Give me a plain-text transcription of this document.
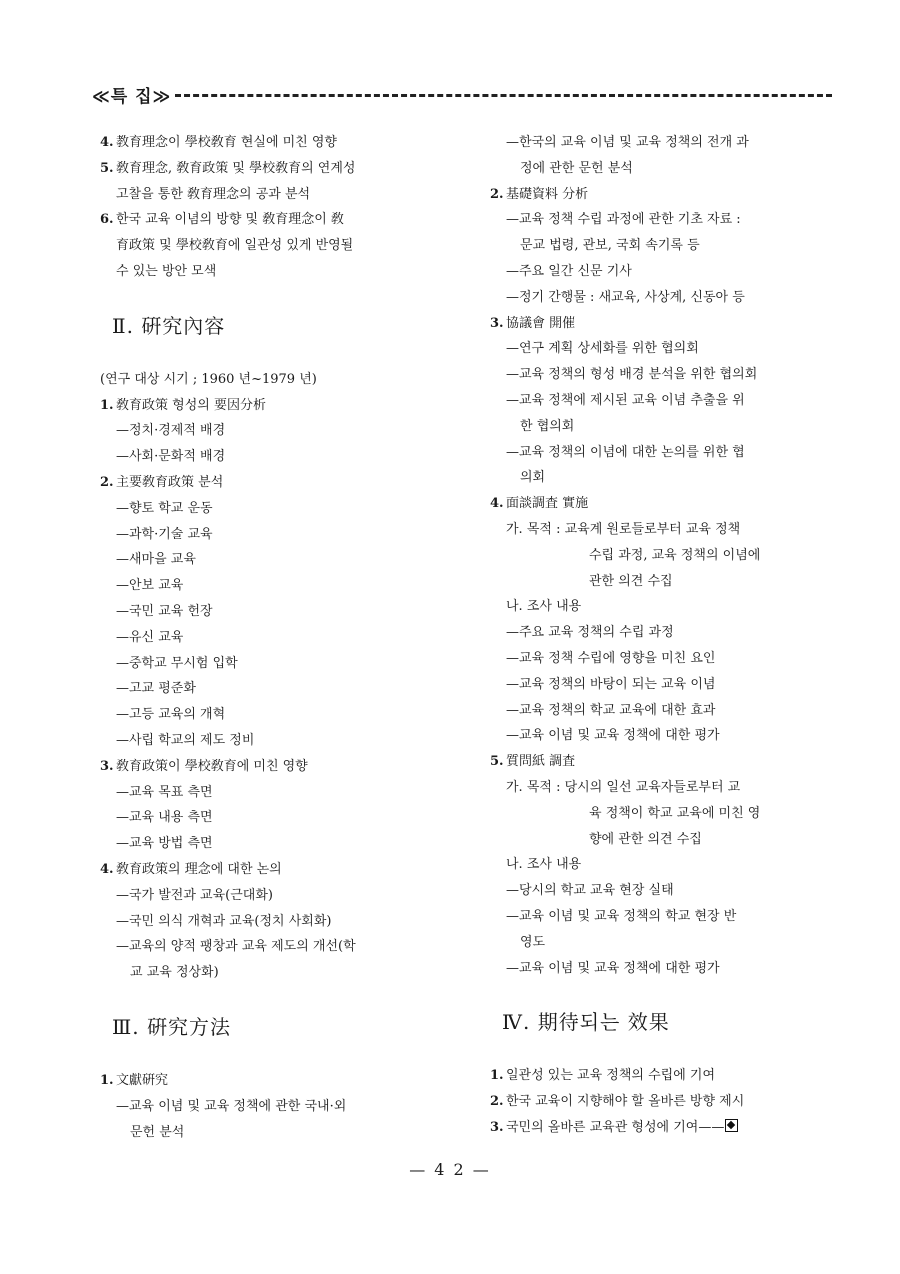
≪특 집≫
4. 教育理念이 學校敎育 현실에 미친 영향
5. 敎育理念, 敎育政策 및 學校敎育의 연계성
고찰을 통한 敎育理念의 공과 분석
6. 한국 교육 이념의 방향 및 敎育理念이 敎
育政策 및 學校敎育에 일관성 있게 반영될
수 있는 방안 모색
Ⅱ. 硏究內容
(연구 대상 시기 ; 1960 년~1979 년)
1. 敎育政策 형성의 要因分析
—정치·경제적 배경
—사회·문화적 배경
2. 主要敎育政策 분석
—향토 학교 운동
—과학·기술 교육
—새마을 교육
—안보 교육
—국민 교육 헌장
—유신 교육
—중학교 무시험 입학
—고교 평준화
—고등 교육의 개혁
—사립 학교의 제도 정비
3. 敎育政策이 學校敎育에 미친 영향
—교육 목표 측면
—교육 내용 측면
—교육 방법 측면
4. 敎育政策의 理念에 대한 논의
—국가 발전과 교육(근대화)
—국민 의식 개혁과 교육(정치 사회화)
—교육의 양적 팽창과 교육 제도의 개선(학
교 교육 정상화)
Ⅲ. 硏究方法
1. 文獻硏究
—교육 이념 및 교육 정책에 관한 국내·외
문헌 분석
—한국의 교육 이념 및 교육 정책의 전개 과
정에 관한 문헌 분석
2. 基礎資料 分析
—교육 정책 수립 과정에 관한 기초 자료 :
문교 법령, 관보, 국회 속기록 등
—주요 일간 신문 기사
—정기 간행물 : 새교육, 사상계, 신동아 등
3. 協議會 開催
—연구 계획 상세화를 위한 협의회
—교육 정책의 형성 배경 분석을 위한 협의회
—교육 정책에 제시된 교육 이념 추출을 위
한 협의회
—교육 정책의 이념에 대한 논의를 위한 협
의회
4. 面談調査 實施
가. 목적 : 교육계 원로들로부터 교육 정책
수립 과정, 교육 정책의 이념에
관한 의견 수집
나. 조사 내용
—주요 교육 정책의 수립 과정
—교육 정책 수립에 영향을 미친 요인
—교육 정책의 바탕이 되는 교육 이념
—교육 정책의 학교 교육에 대한 효과
—교육 이념 및 교육 정책에 대한 평가
5. 質問紙 調査
가. 목적 : 당시의 일선 교육자들로부터 교
육 정책이 학교 교육에 미친 영
향에 관한 의견 수집
나. 조사 내용
—당시의 학교 교육 현장 실태
—교육 이념 및 교육 정책의 학교 현장 반
영도
—교육 이념 및 교육 정책에 대한 평가
Ⅳ. 期待되는 效果
1. 일관성 있는 교육 정책의 수립에 기여
2. 한국 교육이 지향해야 할 올바른 방향 제시
3. 국민의 올바른 교육관 형성에 기여——
— 4 2 —
